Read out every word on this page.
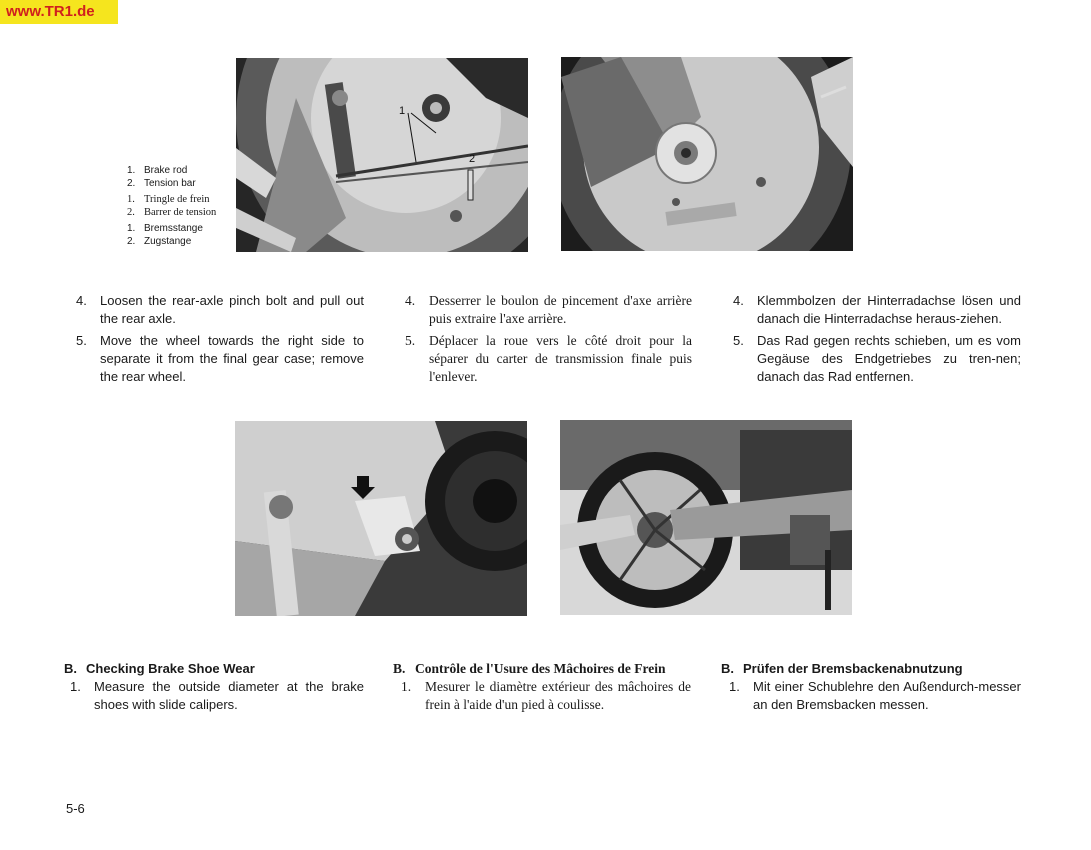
www.TR1.de
1
2
1. Brake rod
2. Tension bar
1. Tringle de frein
2. Barrer de tension
1. Bremsstange
2. Zugstange
4.	Loosen the rear-axle pinch bolt and pull out the rear axle.
5.	Move the wheel towards the right side to separate it from the final gear case; remove the rear wheel.
4.	Desserrer le boulon de pincement d'axe arrière puis extraire l'axe arrière.
5.	Déplacer la roue vers le côté droit pour la séparer du carter de transmission finale puis l'enlever.
4.	Klemmbolzen der Hinterradachse lösen und danach die Hinterradachse heraus-ziehen.
5.	Das Rad gegen rechts schieben, um es vom Gegäuse des Endgetriebes zu tren-nen; danach das Rad entfernen.
B. Checking Brake Shoe Wear
1.	Measure the outside diameter at the brake shoes with slide calipers.
B. Contrôle de l'Usure des Mâchoires de Frein
1.	Mesurer le diamètre extérieur des mâchoires de frein à l'aide d'un pied à coulisse.
B. Prüfen der Bremsbackenabnutzung
1.	Mit einer Schublehre den Außendurch-messer an den Bremsbacken messen.
5-6
